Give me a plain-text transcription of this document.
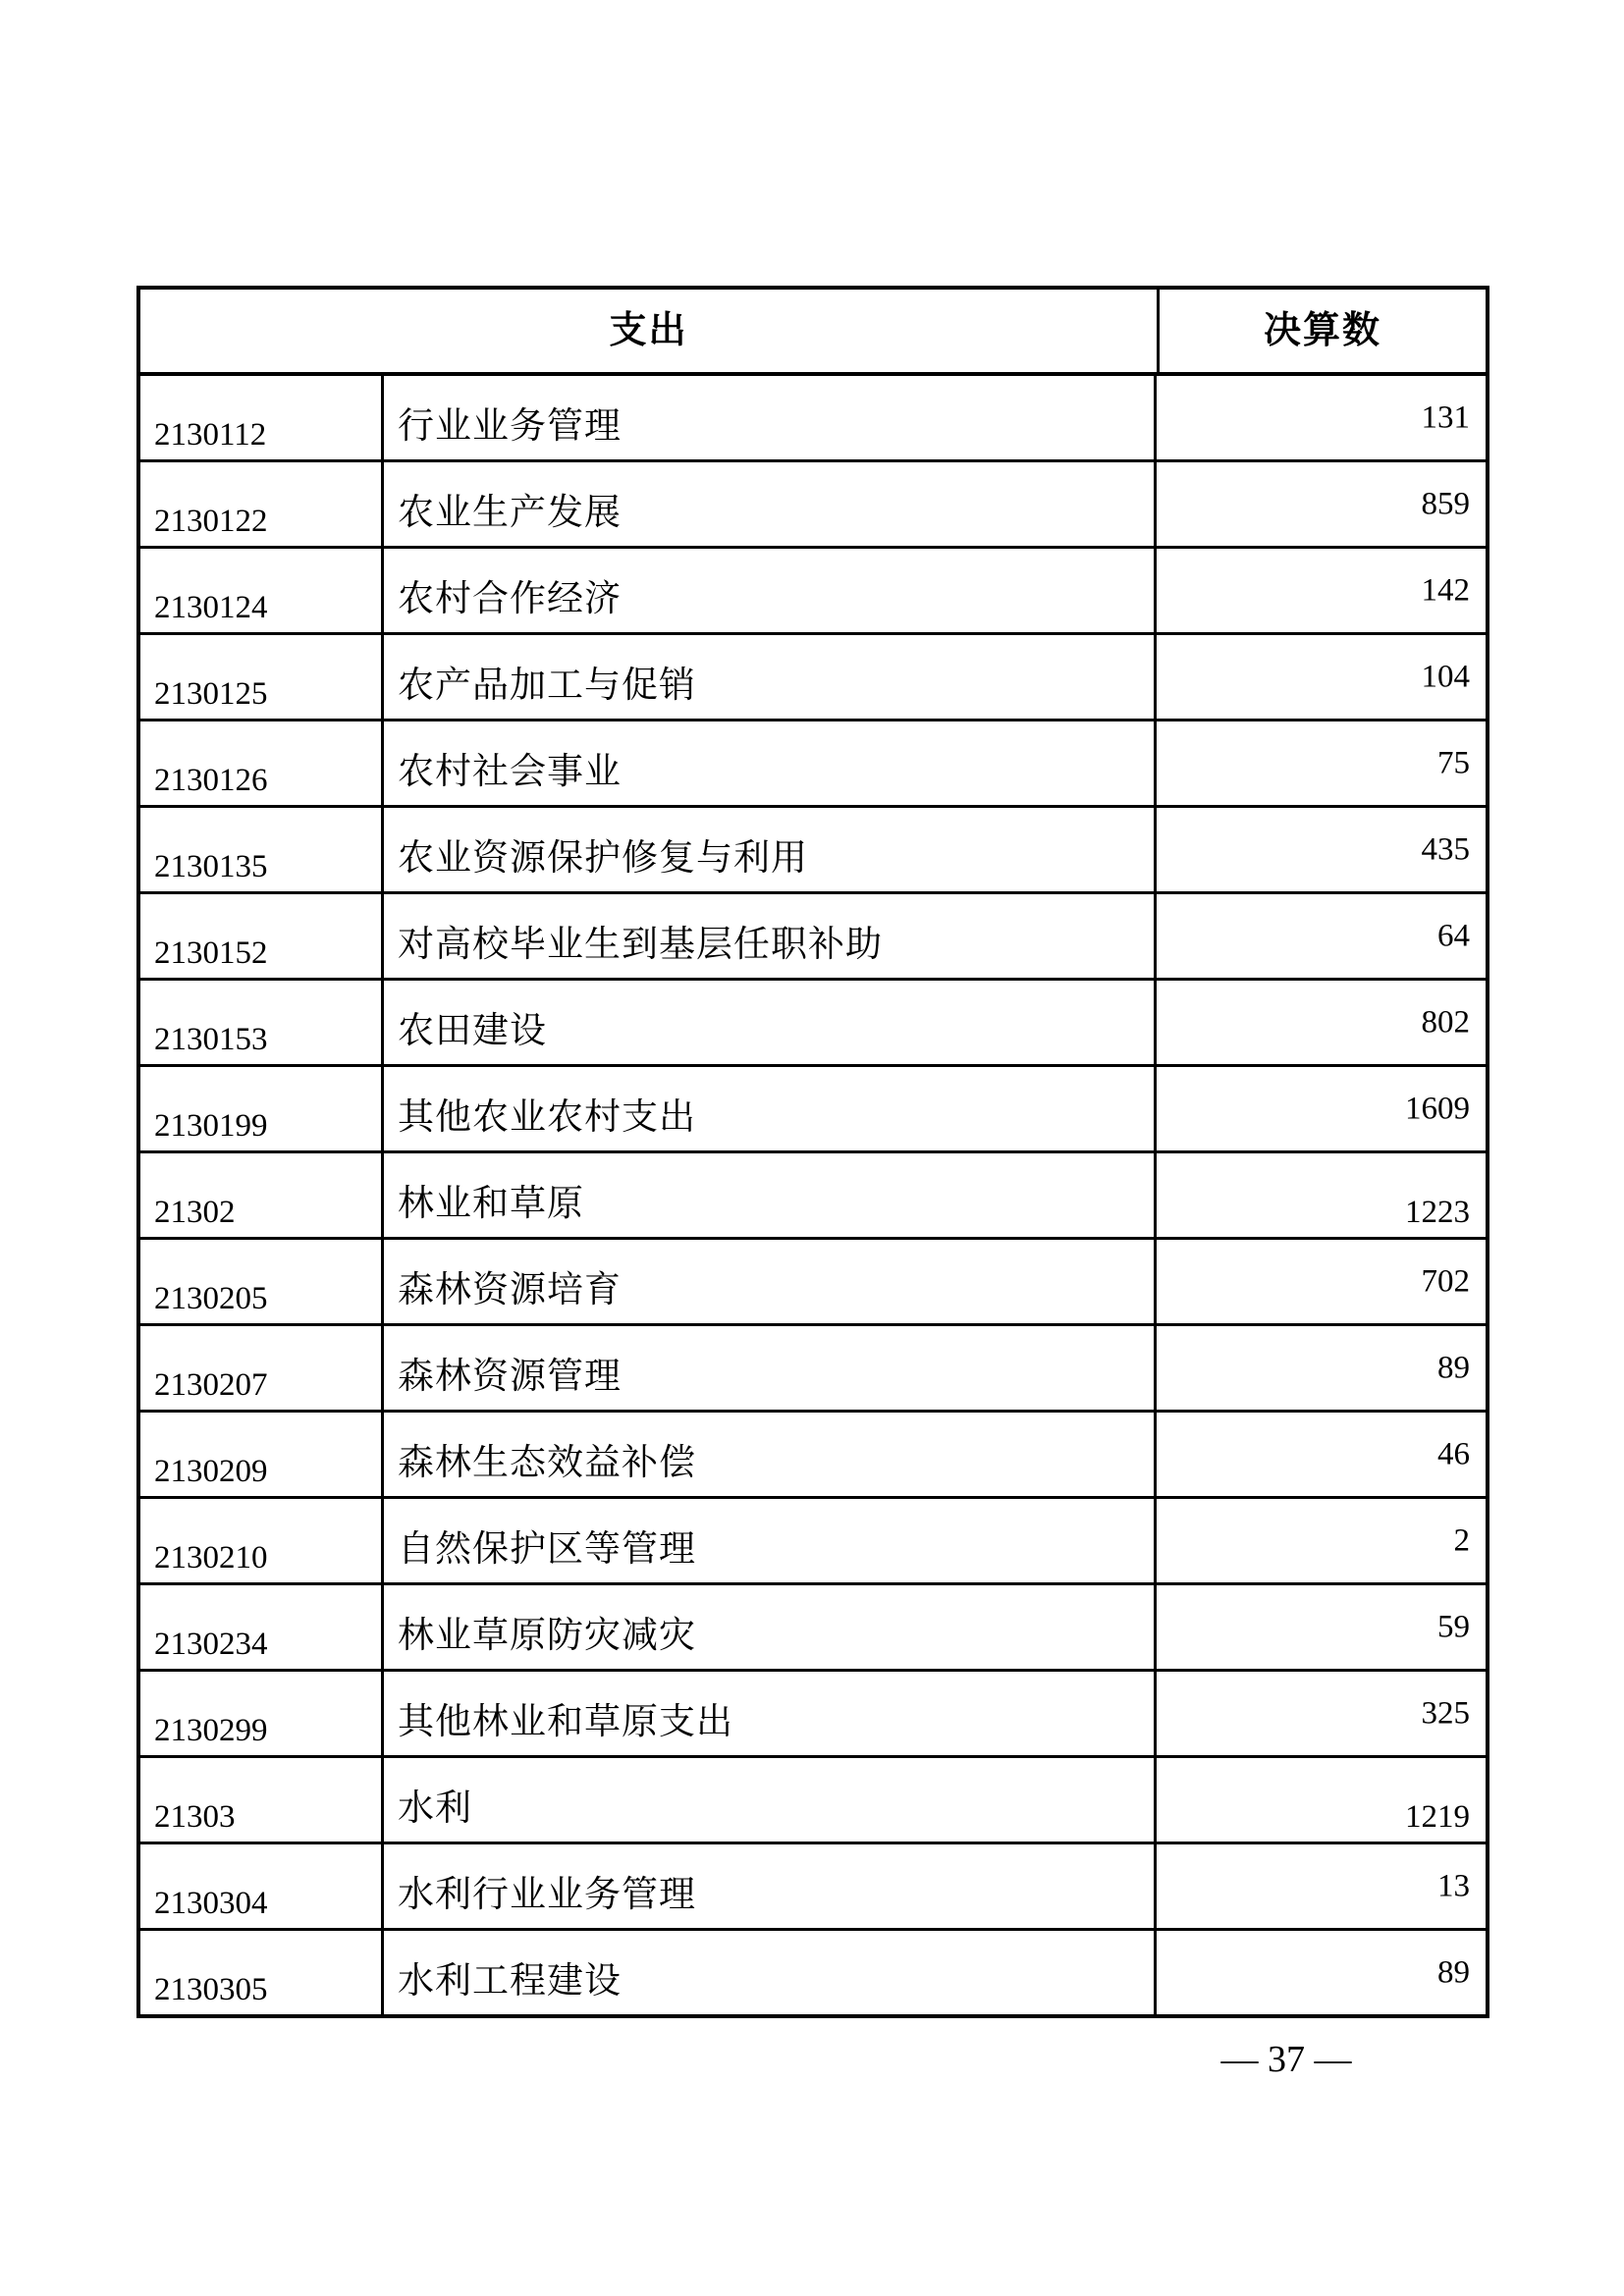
支出	决算数
2130112	行业业务管理	131
2130122	农业生产发展	859
2130124	农村合作经济	142
2130125	农产品加工与促销	104
2130126	农村社会事业	75
2130135	农业资源保护修复与利用	435
2130152	对高校毕业生到基层任职补助	64
2130153	农田建设	802
2130199	其他农业农村支出	1609
21302	林业和草原	1223
2130205	森林资源培育	702
2130207	森林资源管理	89
2130209	森林生态效益补偿	46
2130210	自然保护区等管理	2
2130234	林业草原防灾减灾	59
2130299	其他林业和草原支出	325
21303	水利	1219
2130304	水利行业业务管理	13
2130305	水利工程建设	89
— 37 —
